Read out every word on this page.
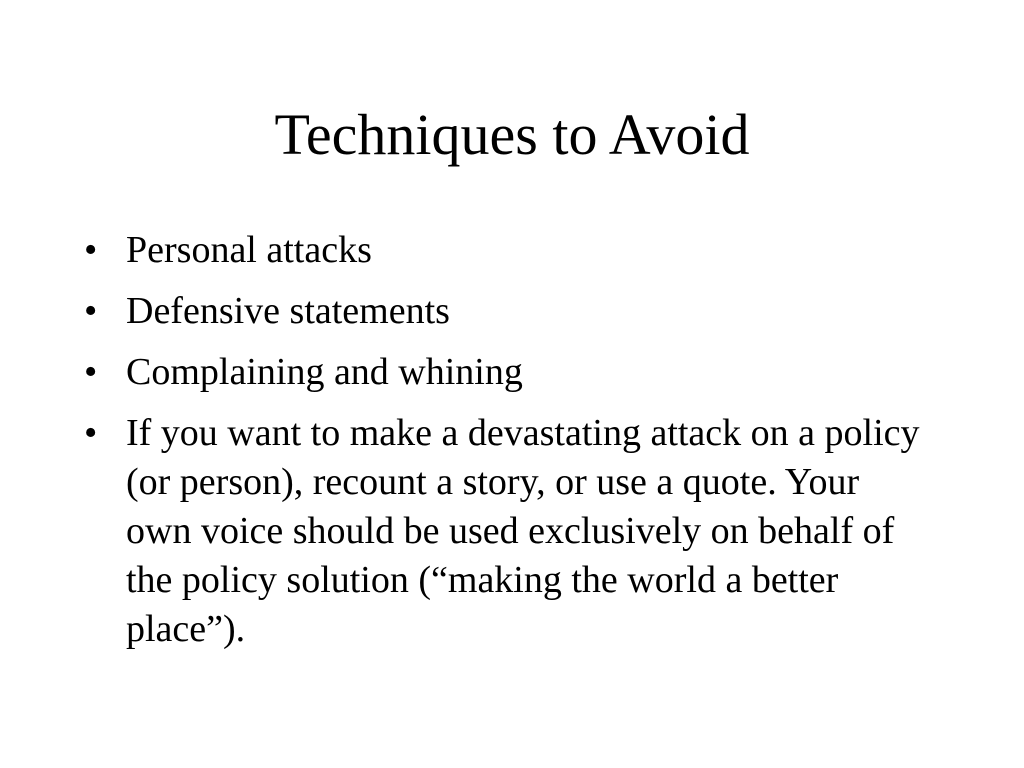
Techniques to Avoid
• Personal attacks
• Defensive statements
• Complaining and whining
• If you want to make a devastating attack on a policy (or person), recount a story, or use a quote. Your own voice should be used exclusively on behalf of the policy solution (“making the world a better place”).
